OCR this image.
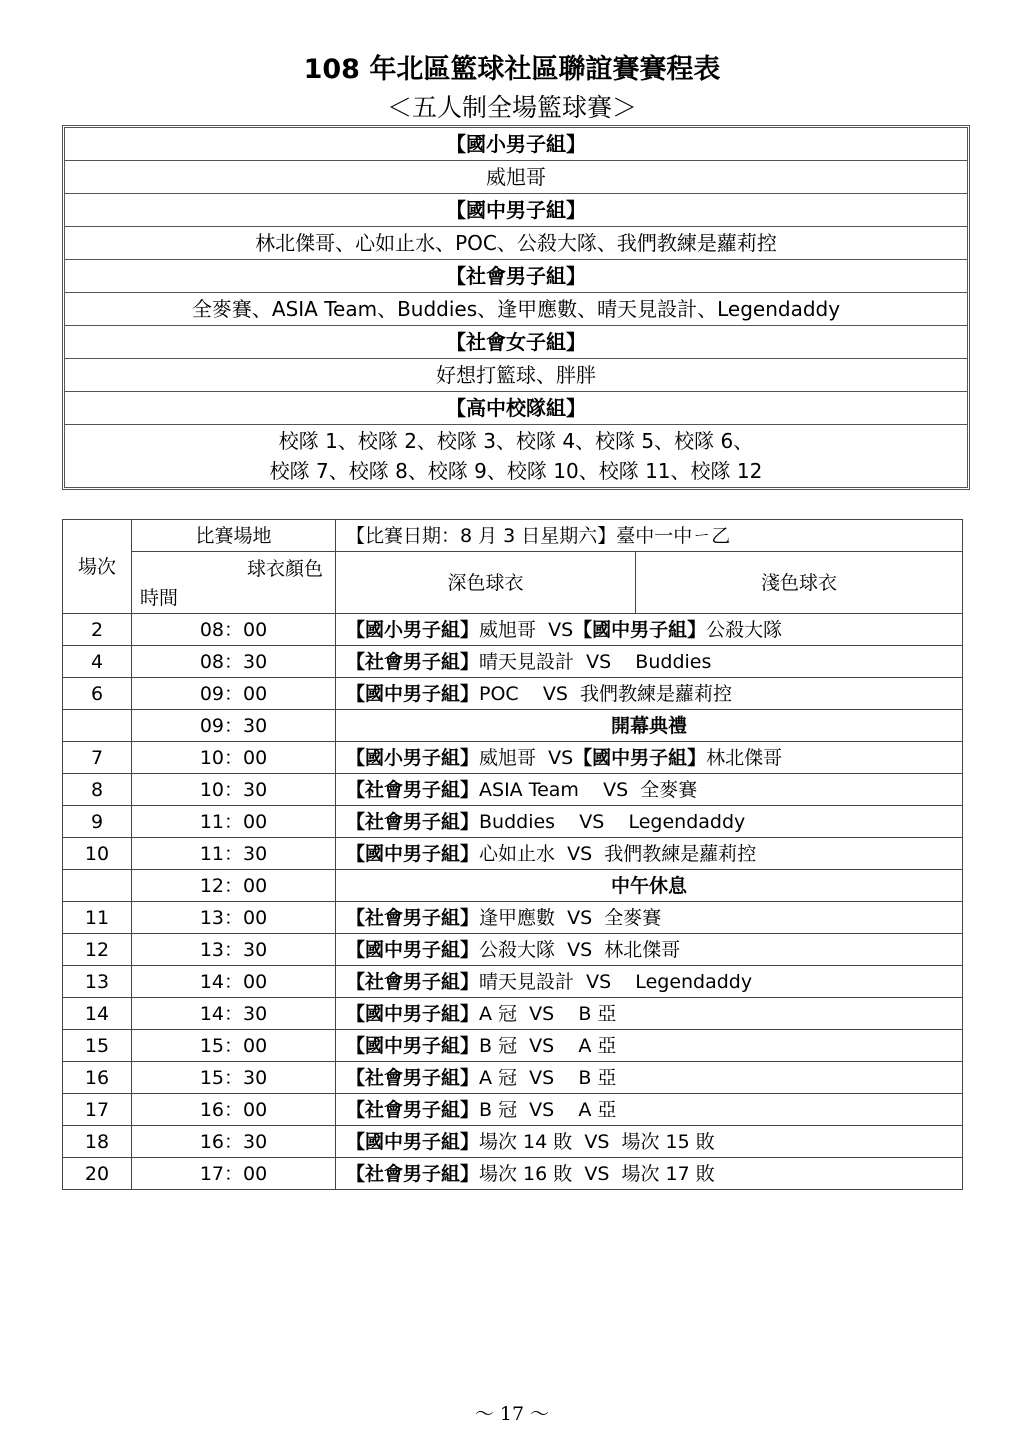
108 年北區籃球社區聯誼賽賽程表
＜五人制全場籃球賽＞
【國小男子組】
威旭哥
【國中男子組】
林北傑哥、心如止水、POC、公殺大隊、我們教練是蘿莉控
【社會男子組】
全麥賽、ASIA Team、Buddies、逢甲應數、晴天見設計、Legendaddy
【社會女子組】
好想打籃球、胖胖
【高中校隊組】
校隊 1、校隊 2、校隊 3、校隊 4、校隊 5、校隊 6、
校隊 7、校隊 8、校隊 9、校隊 10、校隊 11、校隊 12
場次	比賽場地	【比賽日期：8 月 3 日星期六】臺中一中ㄧ乙	

	球衣顏色
時間	深色球衣	淺色球衣
2	08：00	【國小男子組】威旭哥  VS【國中男子組】公殺大隊	
4	08：30	【社會男子組】晴天見設計  VS    Buddies	
6	09：00	【國中男子組】POC    VS  我們教練是蘿莉控	
	09：30	開幕典禮	
7	10：00	【國小男子組】威旭哥  VS【國中男子組】林北傑哥	
8	10：30	【社會男子組】ASIA Team    VS  全麥賽	
9	11：00	【社會男子組】Buddies    VS    Legendaddy	
10	11：30	【國中男子組】心如止水  VS  我們教練是蘿莉控	
	12：00	中午休息	
11	13：00	【社會男子組】逢甲應數  VS  全麥賽	
12	13：30	【國中男子組】公殺大隊  VS  林北傑哥	
13	14：00	【社會男子組】晴天見設計  VS    Legendaddy	
14	14：30	【國中男子組】A 冠  VS    B 亞	
15	15：00	【國中男子組】B 冠  VS    A 亞	
16	15：30	【社會男子組】A 冠  VS    B 亞	
17	16：00	【社會男子組】B 冠  VS    A 亞	
18	16：30	【國中男子組】場次 14 敗  VS  場次 15 敗	
20	17：00	【社會男子組】場次 16 敗  VS  場次 17 敗	
～ 17 ～
